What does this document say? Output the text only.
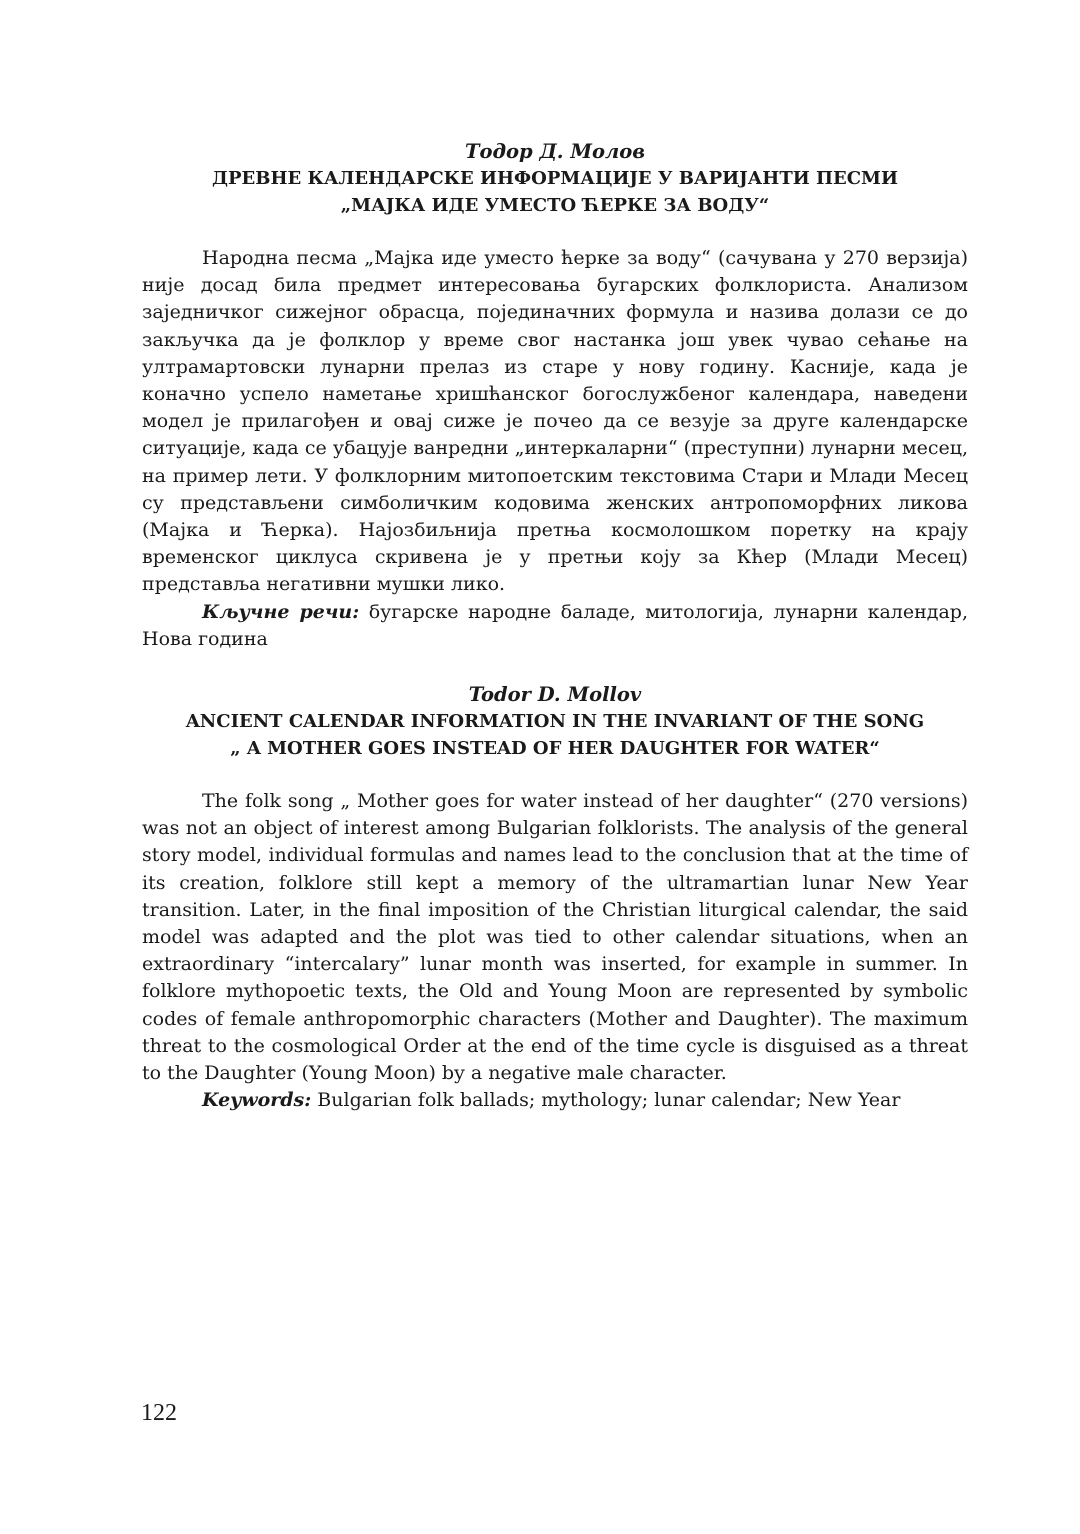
Тодор Д. Молов

ДРЕВНЕ КАЛЕНДАРСКЕ ИНФОРМАЦИЈЕ У ВАРИЈАНТИ ПЕСМИ

„МАЈКА ИДЕ УМЕСТО ЋЕРКЕ ЗА ВОДУ“

Народна песма „Мајка иде уместо ћерке за воду“ (сачувана у 270 верзија) није досад била предмет интересовања бугарских фолклориста. Анализом заједничког сижејног обрасца, појединачних формула и назива долази се до закључка да је фолклор у време свог настанка још увек чувао сећање на ултрамартовски лунарни прелаз из старе у нову годину. Касније, када је коначно успело наметање хришћанског богослужбеног календара, наведени модел је прилагођен и овај сиже је почео да се везује за друге календарске ситуације, када се убацује ванредни „интеркаларни“ (преступни) лунарни месец, на пример лети. У фолклорним митопоетским текстовима Стари и Млади Месец су представљени симболичким кодовима женских антропоморфних ликова (Мајка и Ћерка). Најозбиљнија претња космолошком поретку на крају временског циклуса скривена је у претњи коју за Кћер (Млади Месец) представља негативни мушки лико.

Кључне речи: бугарске народне баладе, митологија, лунарни календар, Нова година

Todor D. Mollov

ANCIENT CALENDAR INFORMATION IN THE INVARIANT OF THE SONG

„ A MOTHER GOES INSTEAD OF HER DAUGHTER FOR WATER“

The folk song „ Mother goes for water instead of her daughter“ (270 versions) was not an object of interest among Bulgarian folklorists. The analysis of the general story model, individual formulas and names lead to the conclusion that at the time of its creation, folklore still kept a memory of the ultramartian lunar New Year transition. Later, in the final imposition of the Christian liturgical calendar, the said model was adapted and the plot was tied to other calendar situations, when an extraordinary “intercalary” lunar month was inserted, for example in summer. In folklore mythopoetic texts, the Old and Young Moon are represented by symbolic codes of female anthropomorphic characters (Mother and Daughter). The maximum threat to the cosmological Order at the end of the time cycle is disguised as a threat to the Daughter (Young Moon) by a negative male character.

Keywords: Bulgarian folk ballads; mythology; lunar calendar; New Year

122
